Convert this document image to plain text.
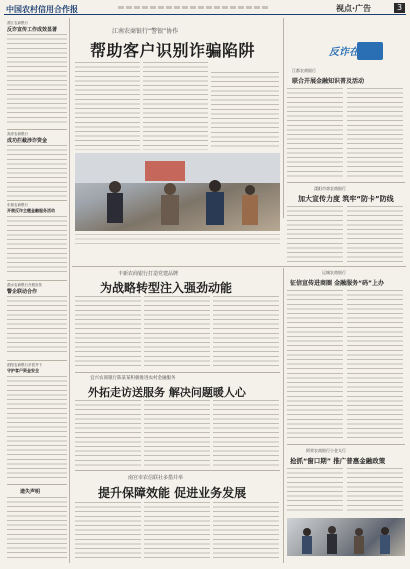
中国农村信用合作报	视点·广告	3
溧江农商银行
反诈宣传工作成效显著
高淳农商银行
成功拦截涉诈资金
东源农商银行
开展反诈主题金融服务活动
溧水农商银行开展宣传
警企联动合作
泗阳农商银行多管齐下
守护客户资金安全
遗失声明
江南农商银行“警银”协作
帮助客户识别诈骗陷阱	反诈在行动
江都农商银行
联合开展金融知识普及活动
溧阳市郊农商银行
加大宣传力度 筑牢“防卡”防线
丰新农商银行打造党建品牌
为战略转型注入强劲动能
宜兴农商银行陈某某积极推进农村金融服务
外拓走访送服务 解决问题暖人心
南宫市农信联社多措并举
提升保障效能 促进业务发展
运城农商银行
征信宣传进商圈 金融服务“码”上办
阿荣农商银行小金太行
抢抓“窗口期” 推广普惠金融政策
